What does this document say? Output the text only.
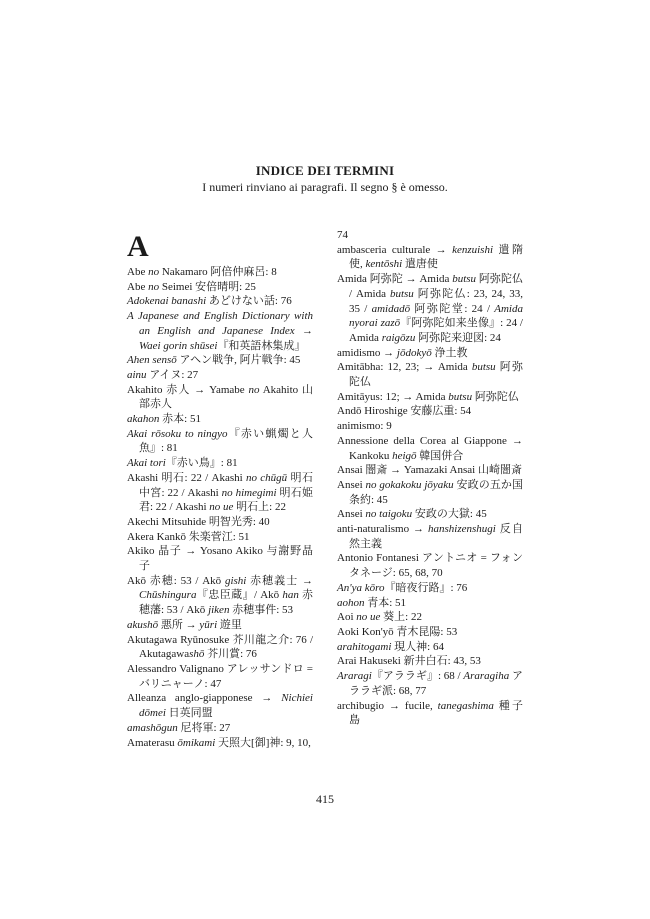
INDICE DEI TERMINI
I numeri rinviano ai paragrafi. Il segno § è omesso.
A

Abe no Nakamaro 阿倍仲麻呂: 8

Abe no Seimei 安倍晴明: 25

Adokenai banashi あどけない話: 76

A Japanese and English Dictionary with an English and Japanese Index → Waei gorin shūsei『和英語林集成』

Ahen sensō アヘン戦争, 阿片戦争: 45

ainu アイヌ: 27

Akahito 赤人 → Yamabe no Akahito 山部赤人

akahon 赤本: 51

Akai rōsoku to ningyo『赤い蝋燭と人魚』: 81

Akai tori『赤い鳥』: 81

Akashi 明石: 22 / Akashi no chūgū 明石中宮: 22 / Akashi no himegimi 明石姫君: 22 / Akashi no ue 明石上: 22

Akechi Mitsuhide 明智光秀: 40

Akera Kankō 朱楽菅江: 51

Akiko 晶子 → Yosano Akiko 与謝野晶子

Akō 赤穂: 53 / Akō gishi 赤穂義士 → Chūshingura『忠臣蔵』/ Akō han 赤穂藩: 53 / Akō jiken 赤穂事件: 53

akushō 悪所 → yūri 遊里

Akutagawa Ryūnosuke 芥川龍之介: 76 / Akutagawashō 芥川賞: 76

Alessandro Valignano アレッサンドロ = バリニャーノ: 47

Alleanza anglo-giapponese → Nichiei dōmei 日英同盟

amashōgun 尼将軍: 27

Amaterasu ōmikami 天照大[御]神: 9, 10,

74

ambasceria culturale → kenzuishi 遣隋使, kentōshi 遣唐使

Amida 阿弥陀 → Amida butsu 阿弥陀仏 / Amida butsu 阿弥陀仏: 23, 24, 33, 35 / amidadō 阿弥陀堂: 24 / Amida nyorai zazō『阿弥陀如来坐像』: 24 / Amida raigōzu 阿弥陀来迎図: 24

amidismo → jōdokyō 浄土教

Amitābha: 12, 23; → Amida butsu 阿弥陀仏

Amitāyus: 12; → Amida butsu 阿弥陀仏

Andō Hiroshige 安藤広重: 54

animismo: 9

Annessione della Corea al Giappone → Kankoku heigō 韓国併合

Ansai 闇斎 → Yamazaki Ansai 山崎闇斎

Ansei no gokakoku jōyaku 安政の五か国条約: 45

Ansei no taigoku 安政の大獄: 45

anti-naturalismo → hanshizenshugi 反自然主義

Antonio Fontanesi アントニオ = フォンタネージ: 65, 68, 70

An'ya kōro『暗夜行路』: 76

aohon 青本: 51

Aoi no ue 葵上: 22

Aoki Kon'yō 青木昆陽: 53

arahitogami 現人神: 64

Arai Hakuseki 新井白石: 43, 53

Araragi『アララギ』: 68 / Araragiha アララギ派: 68, 77

archibugio → fucile, tanegashima 種子島

415
